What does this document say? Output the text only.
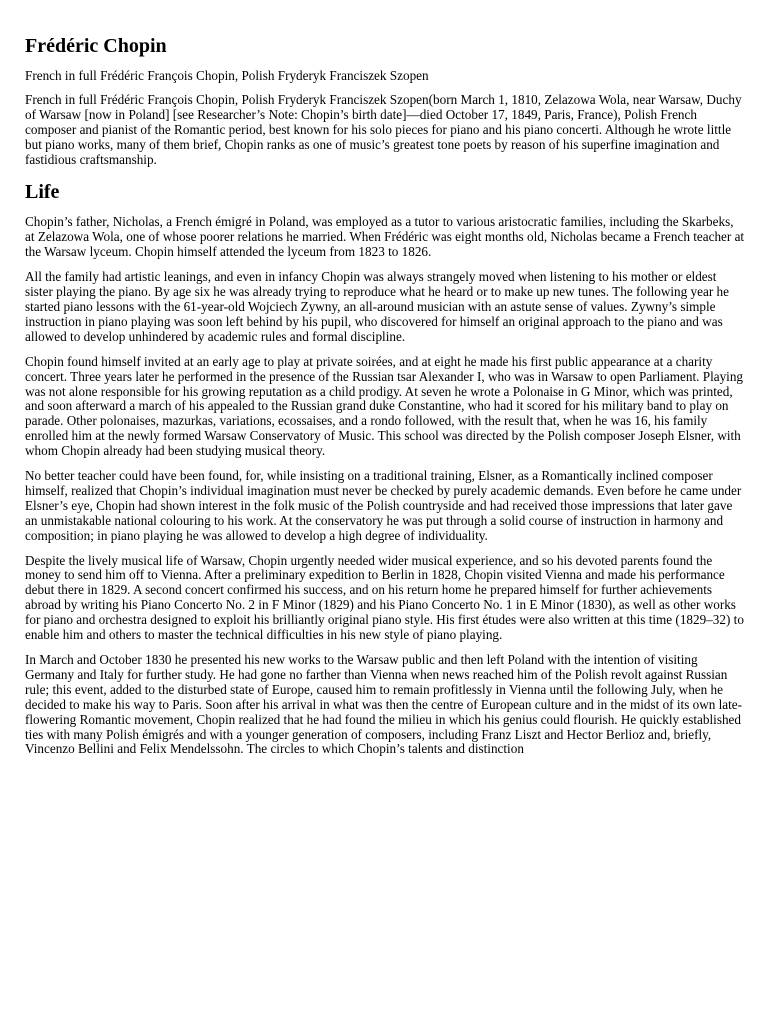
Frédéric Chopin

French in full Frédéric François Chopin, Polish Fryderyk Franciszek Szopen

French in full Frédéric François Chopin, Polish Fryderyk Franciszek Szopen(born March 1, 1810, Zelazowa Wola, near Warsaw, Duchy of Warsaw [now in Poland] [see Researcher’s Note: Chopin’s birth date]—died October 17, 1849, Paris, France), Polish French composer and pianist of the Romantic period, best known for his solo pieces for piano and his piano concerti. Although he wrote little but piano works, many of them brief, Chopin ranks as one of music’s greatest tone poets by reason of his superfine imagination and fastidious craftsmanship.

Life

Chopin’s father, Nicholas, a French émigré in Poland, was employed as a tutor to various aristocratic families, including the Skarbeks, at Zelazowa Wola, one of whose poorer relations he married. When Frédéric was eight months old, Nicholas became a French teacher at the Warsaw lyceum. Chopin himself attended the lyceum from 1823 to 1826.

All the family had artistic leanings, and even in infancy Chopin was always strangely moved when listening to his mother or eldest sister playing the piano. By age six he was already trying to reproduce what he heard or to make up new tunes. The following year he started piano lessons with the 61-year-old Wojciech Zywny, an all-around musician with an astute sense of values. Zywny’s simple instruction in piano playing was soon left behind by his pupil, who discovered for himself an original approach to the piano and was allowed to develop unhindered by academic rules and formal discipline.

Chopin found himself invited at an early age to play at private soirées, and at eight he made his first public appearance at a charity concert. Three years later he performed in the presence of the Russian tsar Alexander I, who was in Warsaw to open Parliament. Playing was not alone responsible for his growing reputation as a child prodigy. At seven he wrote a Polonaise in G Minor, which was printed, and soon afterward a march of his appealed to the Russian grand duke Constantine, who had it scored for his military band to play on parade. Other polonaises, mazurkas, variations, ecossaises, and a rondo followed, with the result that, when he was 16, his family enrolled him at the newly formed Warsaw Conservatory of Music. This school was directed by the Polish composer Joseph Elsner, with whom Chopin already had been studying musical theory.

No better teacher could have been found, for, while insisting on a traditional training, Elsner, as a Romantically inclined composer himself, realized that Chopin’s individual imagination must never be checked by purely academic demands. Even before he came under Elsner’s eye, Chopin had shown interest in the folk music of the Polish countryside and had received those impressions that later gave an unmistakable national colouring to his work. At the conservatory he was put through a solid course of instruction in harmony and composition; in piano playing he was allowed to develop a high degree of individuality.

Despite the lively musical life of Warsaw, Chopin urgently needed wider musical experience, and so his devoted parents found the money to send him off to Vienna. After a preliminary expedition to Berlin in 1828, Chopin visited Vienna and made his performance debut there in 1829. A second concert confirmed his success, and on his return home he prepared himself for further achievements abroad by writing his Piano Concerto No. 2 in F Minor (1829) and his Piano Concerto No. 1 in E Minor (1830), as well as other works for piano and orchestra designed to exploit his brilliantly original piano style. His first études were also written at this time (1829–32) to enable him and others to master the technical difficulties in his new style of piano playing.

In March and October 1830 he presented his new works to the Warsaw public and then left Poland with the intention of visiting Germany and Italy for further study. He had gone no farther than Vienna when news reached him of the Polish revolt against Russian rule; this event, added to the disturbed state of Europe, caused him to remain profitlessly in Vienna until the following July, when he decided to make his way to Paris. Soon after his arrival in what was then the centre of European culture and in the midst of its own late-flowering Romantic movement, Chopin realized that he had found the milieu in which his genius could flourish. He quickly established ties with many Polish émigrés and with a younger generation of composers, including Franz Liszt and Hector Berlioz and, briefly, Vincenzo Bellini and Felix Mendelssohn. The circles to which Chopin’s talents and distinction
